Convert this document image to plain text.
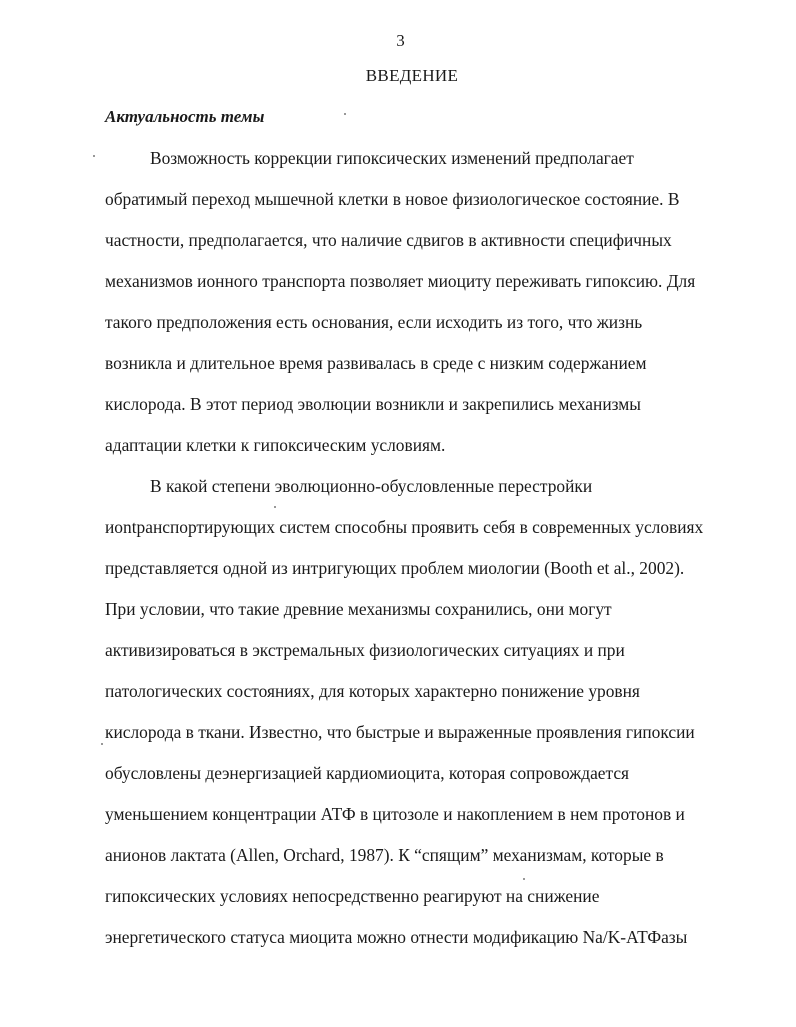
3
ВВЕДЕНИЕ
Актуальность темы
Возможность коррекции гипоксических изменений предполагает
обратимый переход мышечной клетки в новое физиологическое состояние. В
частности, предполагается, что наличие сдвигов в активности специфичных
механизмов ионного транспорта позволяет миоциту переживать гипоксию. Для
такого предположения есть основания, если исходить из того, что жизнь
возникла и длительное время развивалась в среде с низким содержанием
кислорода. В этот период эволюции возникли и закрепились механизмы
адаптации клетки к гипоксическим условиям.
В какой степени эволюционно-обусловленные перестройки
иontранспортирующих систем способны проявить себя в современных условиях
представляется одной из интригующих проблем миологии (Booth et al., 2002).
При условии, что такие древние механизмы сохранились, они могут
активизироваться в экстремальных физиологических ситуациях и при
патологических состояниях, для которых характерно понижение уровня
кислорода в ткани. Известно, что быстрые и выраженные проявления гипоксии
обусловлены деэнергизацией кардиомиоцита, которая сопровождается
уменьшением концентрации АТФ в цитозоле и накоплением в нем протонов и
анионов лактата (Allen, Orchard, 1987). К “спящим” механизмам, которые в
гипоксических условиях непосредственно реагируют на снижение
энергетического статуса миоцита можно отнести модификацию Na/K-АТФазы
